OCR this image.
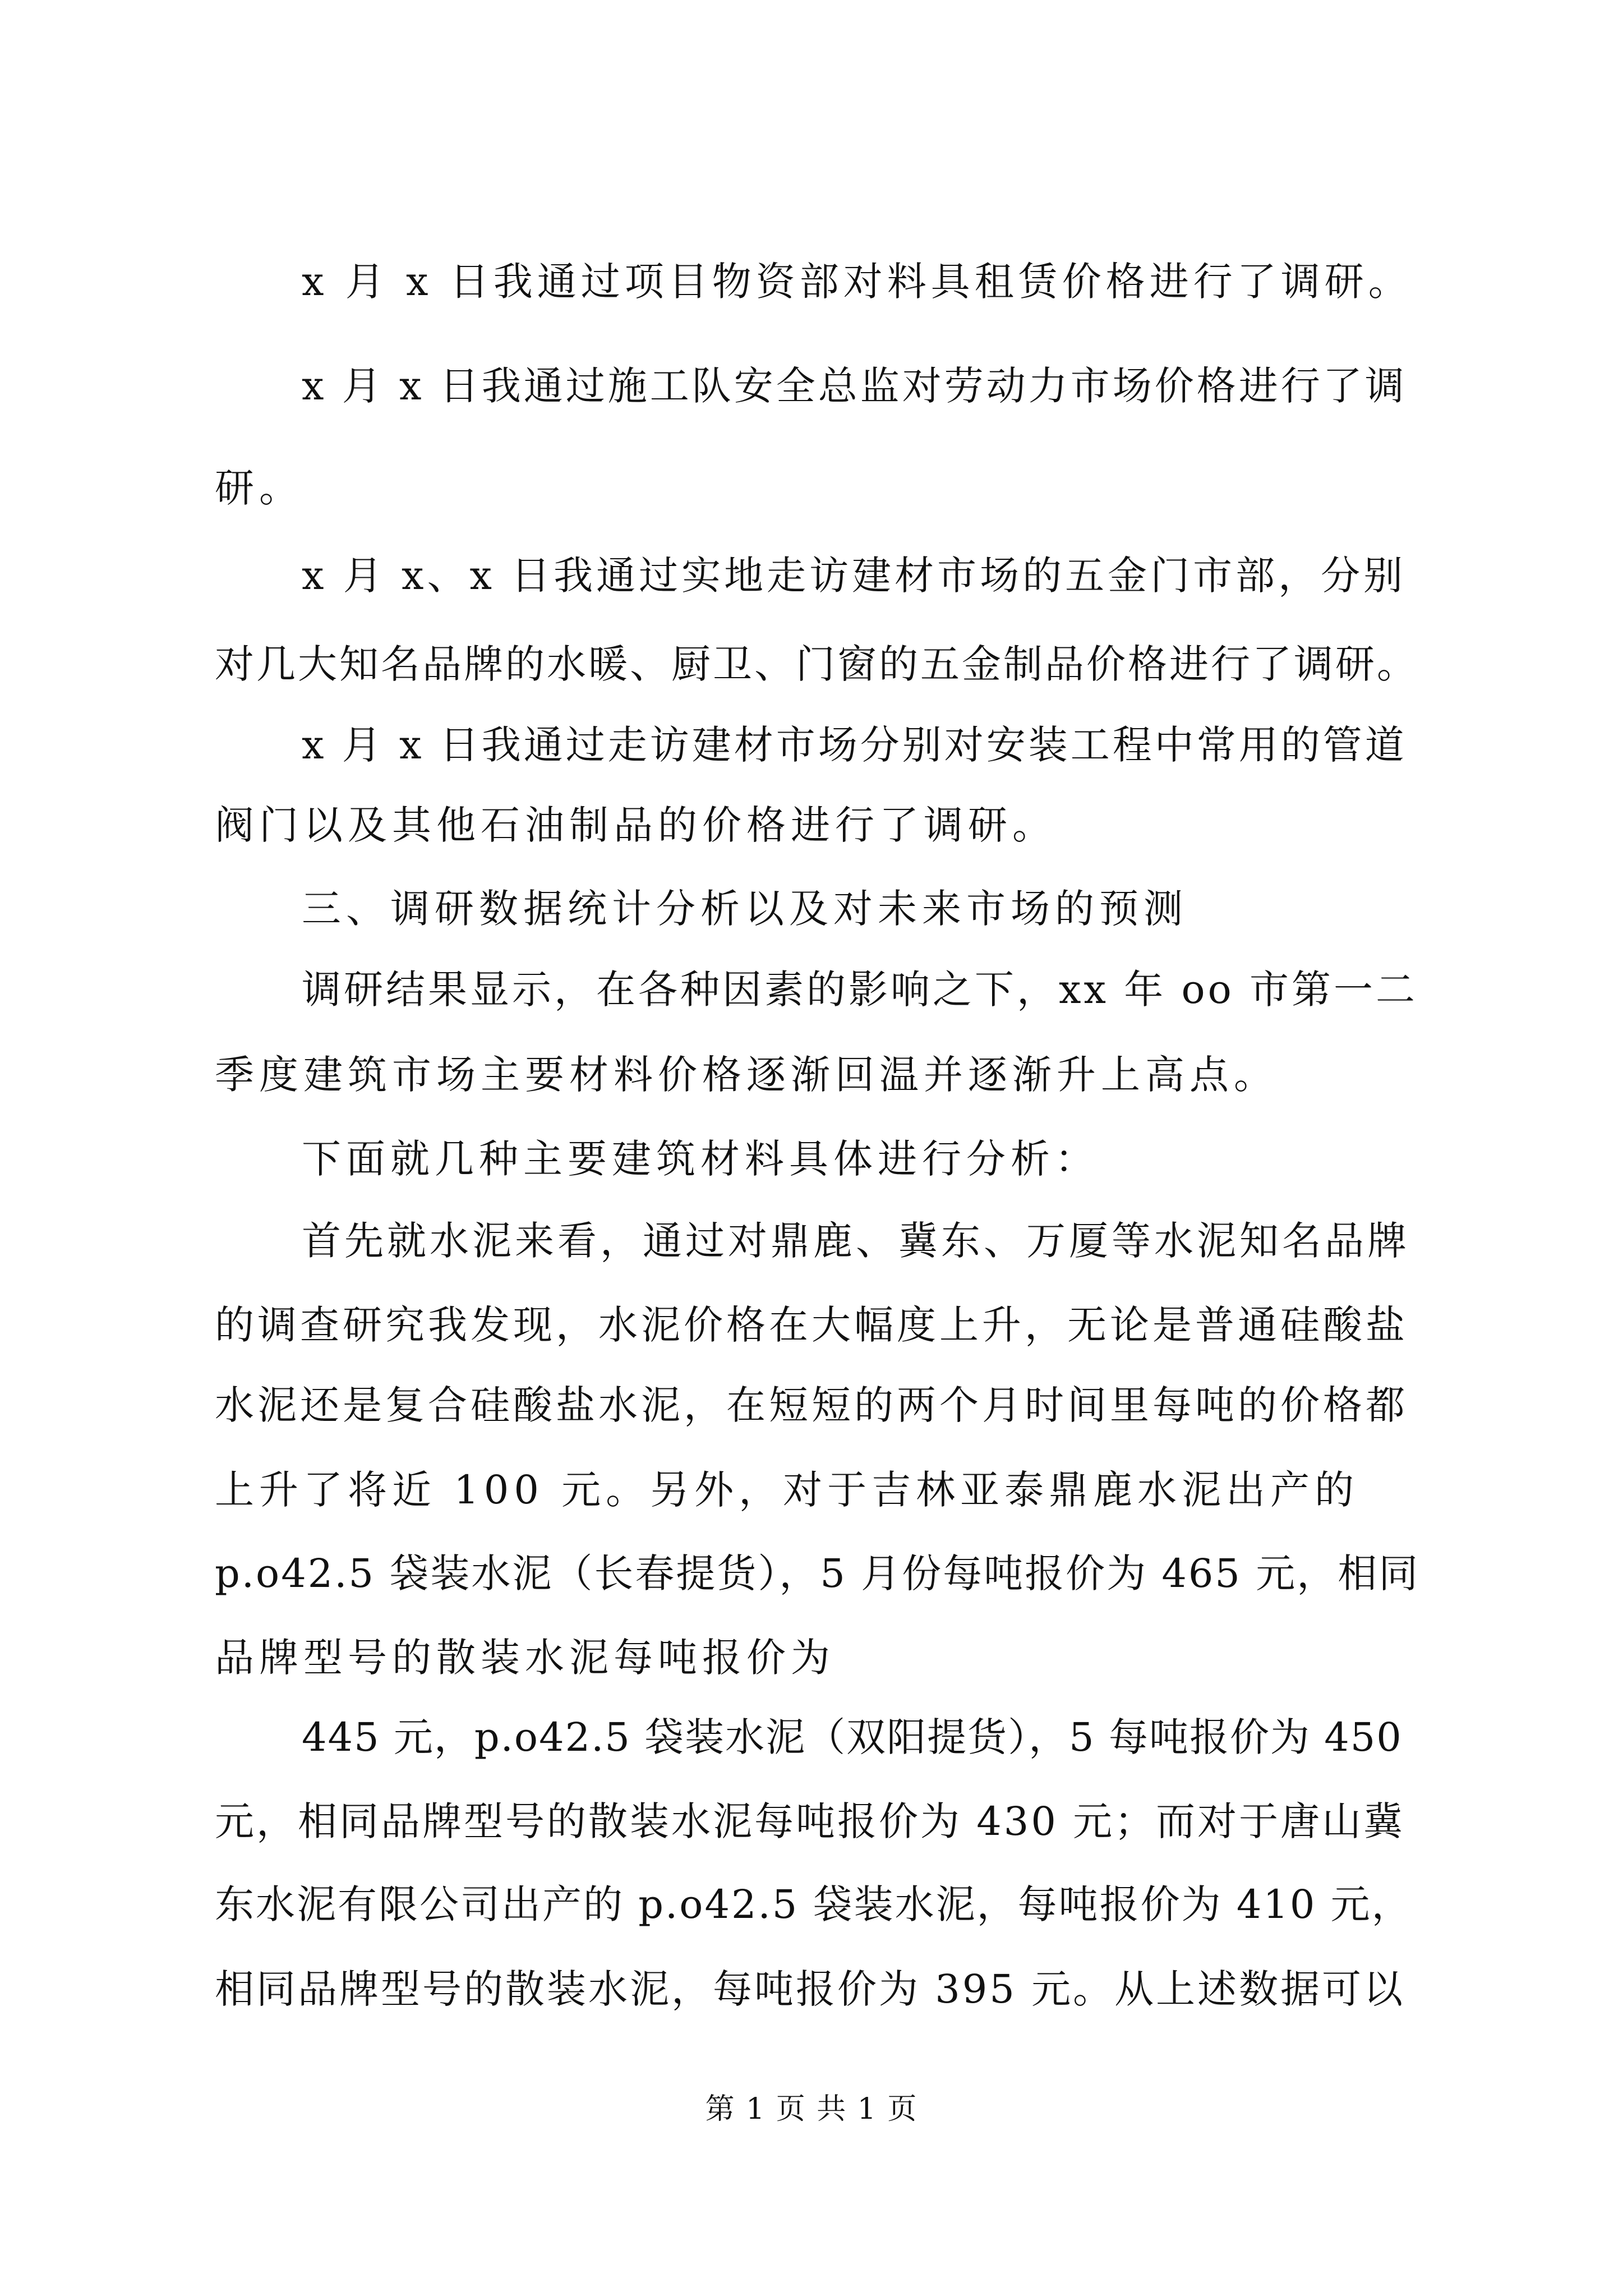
x 月 x 日我通过项目物资部对料具租赁价格进行了调研。
x 月 x 日我通过施工队安全总监对劳动力市场价格进行了调
研。
x 月 x、x 日我通过实地走访建材市场的五金门市部，分别
对几大知名品牌的水暖、厨卫、门窗的五金制品价格进行了调研。
x 月 x 日我通过走访建材市场分别对安装工程中常用的管道
阀门以及其他石油制品的价格进行了调研。
三、调研数据统计分析以及对未来市场的预测
调研结果显示，在各种因素的影响之下，xx 年 oo 市第一二
季度建筑市场主要材料价格逐渐回温并逐渐升上高点。
下面就几种主要建筑材料具体进行分析：
首先就水泥来看，通过对鼎鹿、冀东、万厦等水泥知名品牌
的调查研究我发现，水泥价格在大幅度上升，无论是普通硅酸盐
水泥还是复合硅酸盐水泥，在短短的两个月时间里每吨的价格都
上升了将近 100 元。另外，对于吉林亚泰鼎鹿水泥出产的
p.o42.5 袋装水泥（长春提货），5 月份每吨报价为 465 元，相同
品牌型号的散装水泥每吨报价为
445 元，p.o42.5 袋装水泥（双阳提货），5 每吨报价为 450
元，相同品牌型号的散装水泥每吨报价为 430 元；而对于唐山冀
东水泥有限公司出产的 p.o42.5 袋装水泥，每吨报价为 410 元，
相同品牌型号的散装水泥，每吨报价为 395 元。从上述数据可以
第 1 页 共 1 页
